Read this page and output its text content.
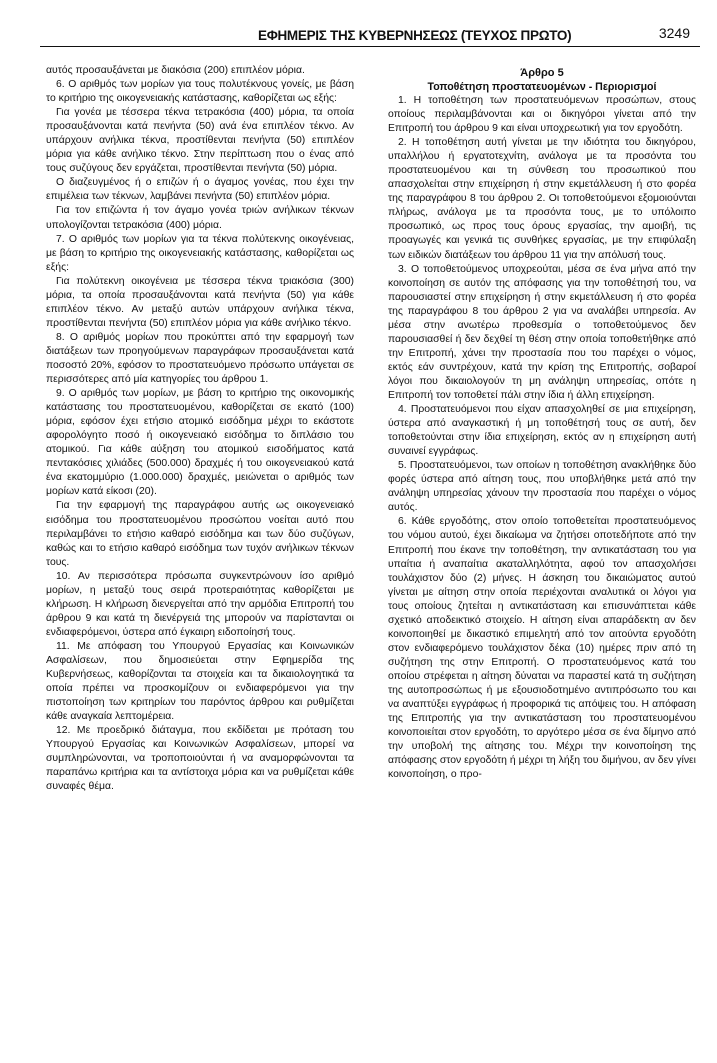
ΕΦΗΜΕΡΙΣ ΤΗΣ ΚΥΒΕΡΝΗΣΕΩΣ (ΤΕΥΧΟΣ ΠΡΩΤΟ)	3249

αυτός προσαυξάνεται με διακόσια (200) επιπλέον μόρια.

6. Ο αριθμός των μορίων για τους πολυτέκνους γονείς, με βάση το κριτήριο της οικογενειακής κατάστασης, καθορίζεται ως εξής:

Για γονέα με τέσσερα τέκνα τετρακόσια (400) μόρια, τα οποία προσαυξάνονται κατά πενήντα (50) ανά ένα επιπλέον τέκνο. Αν υπάρχουν ανήλικα τέκνα, προστίθενται πενήντα (50) επιπλέον μόρια για κάθε ανήλικο τέκνο. Στην περίπτωση που ο ένας από τους συζύγους δεν εργάζεται, προστίθενται πενήντα (50) μόρια.

Ο διαζευγμένος ή ο επιζών ή ο άγαμος γονέας, που έχει την επιμέλεια των τέκνων, λαμβάνει πενήντα (50) επιπλέον μόρια.

Για τον επιζώντα ή τον άγαμο γονέα τριών ανήλικων τέκνων υπολογίζονται τετρακόσια (400) μόρια.

7. Ο αριθμός των μορίων για τα τέκνα πολύτεκνης οικογένειας, με βάση το κριτήριο της οικογενειακής κατάστασης, καθορίζεται ως εξής:

Για πολύτεκνη οικογένεια με τέσσερα τέκνα τριακόσια (300) μόρια, τα οποία προσαυξάνονται κατά πενήντα (50) για κάθε επιπλέον τέκνο. Αν μεταξύ αυτών υπάρχουν ανήλικα τέκνα, προστίθενται πενήντα (50) επιπλέον μόρια για κάθε ανήλικο τέκνο.

8. Ο αριθμός μορίων που προκύπτει από την εφαρμογή των διατάξεων των προηγούμενων παραγράφων προσαυξάνεται κατά ποσοστό 20%, εφόσον το προστατευόμενο πρόσωπο υπάγεται σε περισσότερες από μία κατηγορίες του άρθρου 1.

9. Ο αριθμός των μορίων, με βάση το κριτήριο της οικονομικής κατάστασης του προστατευομένου, καθορίζεται σε εκατό (100) μόρια, εφόσον έχει ετήσιο ατομικό εισόδημα μέχρι το εκάστοτε αφορολόγητο ποσό ή οικογενειακό εισόδημα το διπλάσιο του ατομικού. Για κάθε αύξηση του ατομικού εισοδήματος κατά πεντακόσιες χιλιάδες (500.000) δραχμές ή του οικογενειακού κατά ένα εκατομμύριο (1.000.000) δραχμές, μειώνεται ο αριθμός των μορίων κατά είκοσι (20).

Για την εφαρμογή της παραγράφου αυτής ως οικογενειακό εισόδημα του προστατευομένου προσώπου νοείται αυτό που περιλαμβάνει το ετήσιο καθαρό εισόδημα και των δύο συζύγων, καθώς και το ετήσιο καθαρό εισόδημα των τυχόν ανήλικων τέκνων τους.

10. Αν περισσότερα πρόσωπα συγκεντρώνουν ίσο αριθμό μορίων, η μεταξύ τους σειρά προτεραιότητας καθορίζεται με κλήρωση. Η κλήρωση διενεργείται από την αρμόδια Επιτροπή του άρθρου 9 και κατά τη διενέργειά της μπορούν να παρίστανται οι ενδιαφερόμενοι, ύστερα από έγκαιρη ειδοποίησή τους.

11. Με απόφαση του Υπουργού Εργασίας και Κοινωνικών Ασφαλίσεων, που δημοσιεύεται στην Εφημερίδα της Κυβερνήσεως, καθορίζονται τα στοιχεία και τα δικαιολογητικά τα οποία πρέπει να προσκομίζουν οι ενδιαφερόμενοι για την πιστοποίηση των κριτηρίων του παρόντος άρθρου και ρυθμίζεται κάθε αναγκαία λεπτομέρεια.

12. Με προεδρικό διάταγμα, που εκδίδεται με πρόταση του Υπουργού Εργασίας και Κοινωνικών Ασφαλίσεων, μπορεί να συμπληρώνονται, να τροποποιούνται ή να αναμορφώνονται τα παραπάνω κριτήρια και τα αντίστοιχα μόρια και να ρυθμίζεται κάθε συναφές θέμα.

Άρθρο 5

Τοποθέτηση προστατευομένων - Περιορισμοί

1. Η τοποθέτηση των προστατευόμενων προσώπων, στους οποίους περιλαμβάνονται και οι δικηγόροι γίνεται από την Επιτροπή του άρθρου 9 και είναι υποχρεωτική για τον εργοδότη.

2. Η τοποθέτηση αυτή γίνεται με την ιδιότητα του δικηγόρου, υπαλλήλου ή εργατοτεχνίτη, ανάλογα με τα προσόντα του προστατευομένου και τη σύνθεση του προσωπικού που απασχολείται στην επιχείρηση ή στην εκμετάλλευση ή στο φορέα της παραγράφου 8 του άρθρου 2. Οι τοποθετούμενοι εξομοιούνται πλήρως, ανάλογα με τα προσόντα τους, με το υπόλοιπο προσωπικό, ως προς τους όρους εργασίας, την αμοιβή, τις προαγωγές και γενικά τις συνθήκες εργασίας, με την επιφύλαξη των ειδικών διατάξεων του άρθρου 11 για την απόλυσή τους.

3. Ο τοποθετούμενος υποχρεούται, μέσα σε ένα μήνα από την κοινοποίηση σε αυτόν της απόφασης για την τοποθέτησή του, να παρουσιαστεί στην επιχείρηση ή στην εκμετάλλευση ή στο φορέα της παραγράφου 8 του άρθρου 2 για να αναλάβει υπηρεσία. Αν μέσα στην ανωτέρω προθεσμία ο τοποθετούμενος δεν παρουσιασθεί ή δεν δεχθεί τη θέση στην οποία τοποθετήθηκε από την Επιτροπή, χάνει την προστασία που του παρέχει ο νόμος, εκτός εάν συντρέχουν, κατά την κρίση της Επιτροπής, σοβαροί λόγοι που δικαιολογούν τη μη ανάληψη υπηρεσίας, οπότε η Επιτροπή τον τοποθετεί πάλι στην ίδια ή άλλη επιχείρηση.

4. Προστατευόμενοι που είχαν απασχοληθεί σε μια επιχείρηση, ύστερα από αναγκαστική ή μη τοποθέτησή τους σε αυτή, δεν τοποθετούνται στην ίδια επιχείρηση, εκτός αν η επιχείρηση αυτή συναινεί εγγράφως.

5. Προστατευόμενοι, των οποίων η τοποθέτηση ανακλήθηκε δύο φορές ύστερα από αίτηση τους, που υποβλήθηκε μετά από την ανάληψη υπηρεσίας χάνουν την προστασία που παρέχει ο νόμος αυτός.

6. Κάθε εργοδότης, στον οποίο τοποθετείται προστατευόμενος του νόμου αυτού, έχει δικαίωμα να ζητήσει οποτεδήποτε από την Επιτροπή που έκανε την τοποθέτηση, την αντικατάσταση του για υπαίτια ή αναπαίτια ακαταλληλότητα, αφού τον απασχολήσει τουλάχιστον δύο (2) μήνες. Η άσκηση του δικαιώματος αυτού γίνεται με αίτηση στην οποία περιέχονται αναλυτικά οι λόγοι για τους οποίους ζητείται η αντικατάσταση και επισυνάπτεται κάθε σχετικό αποδεικτικό στοιχείο. Η αίτηση είναι απαράδεκτη αν δεν κοινοποιηθεί με δικαστικό επιμελητή από τον αιτούντα εργοδότη στον ενδιαφερόμενο τουλάχιστον δέκα (10) ημέρες πριν από τη συζήτηση της στην Επιτροπή. Ο προστατευόμενος κατά του οποίου στρέφεται η αίτηση δύναται να παραστεί κατά τη συζήτηση της αυτοπροσώπως ή με εξουσιοδοτημένο αντιπρόσωπο του και να αναπτύξει εγγράφως ή προφορικά τις απόψεις του. Η απόφαση της Επιτροπής για την αντικατάσταση του προστατευομένου κοινοποιείται στον εργοδότη, το αργότερο μέσα σε ένα δίμηνο από την υποβολή της αίτησης του. Μέχρι την κοινοποίηση της απόφασης στον εργοδότη ή μέχρι τη λήξη του διμήνου, αν δεν γίνει κοινοποίηση, ο προ-
